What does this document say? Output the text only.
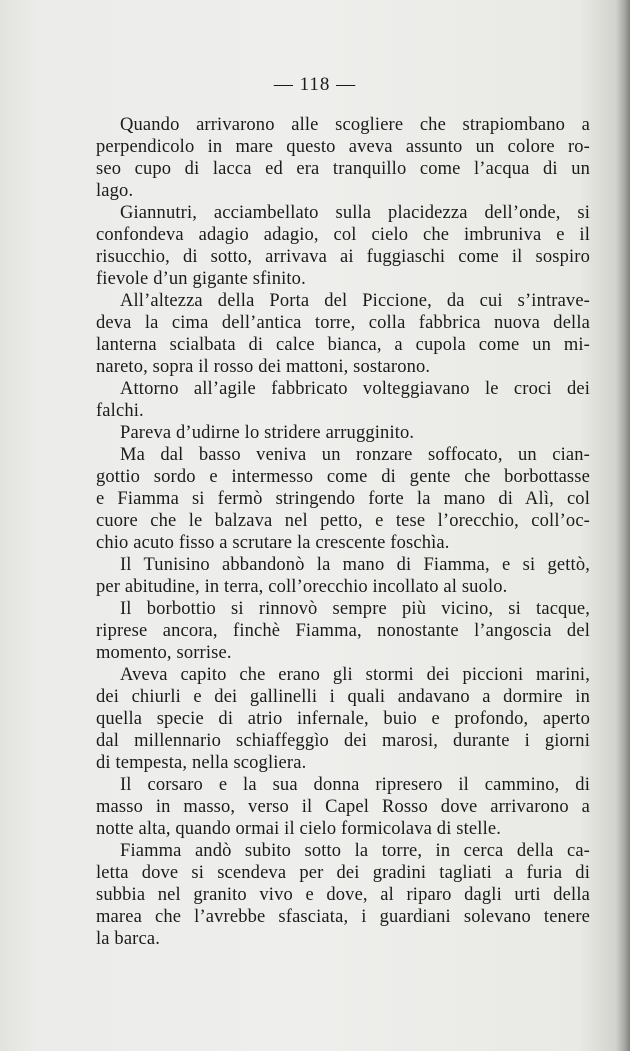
— 118 —
Quando arrivarono alle scogliere che strapiombano a
perpendicolo in mare questo aveva assunto un colore ro-
seo cupo di lacca ed era tranquillo come l’acqua di un
lago.
Giannutri, acciambellato sulla placidezza dell’onde, si
confondeva adagio adagio, col cielo che imbruniva e il
risucchio, di sotto, arrivava ai fuggiaschi come il sospiro
fievole d’un gigante sfinito.
All’altezza della Porta del Piccione, da cui s’intrave-
deva la cima dell’antica torre, colla fabbrica nuova della
lanterna scialbata di calce bianca, a cupola come un mi-
nareto, sopra il rosso dei mattoni, sostarono.
Attorno all’agile fabbricato volteggiavano le croci dei
falchi.
Pareva d’udirne lo stridere arrugginito.
Ma dal basso veniva un ronzare soffocato, un cian-
gottio sordo e intermesso come di gente che borbottasse
e Fiamma si fermò stringendo forte la mano di Alì, col
cuore che le balzava nel petto, e tese l’orecchio, coll’oc-
chio acuto fisso a scrutare la crescente foschìa.
Il Tunisino abbandonò la mano di Fiamma, e si gettò,
per abitudine, in terra, coll’orecchio incollato al suolo.
Il borbottio si rinnovò sempre più vicino, si tacque,
riprese ancora, finchè Fiamma, nonostante l’angoscia del
momento, sorrise.
Aveva capito che erano gli stormi dei piccioni marini,
dei chiurli e dei gallinelli i quali andavano a dormire in
quella specie di atrio infernale, buio e profondo, aperto
dal millennario schiaffeggìo dei marosi, durante i giorni
di tempesta, nella scogliera.
Il corsaro e la sua donna ripresero il cammino, di
masso in masso, verso il Capel Rosso dove arrivarono a
notte alta, quando ormai il cielo formicolava di stelle.
Fiamma andò subito sotto la torre, in cerca della ca-
letta dove si scendeva per dei gradini tagliati a furia di
subbia nel granito vivo e dove, al riparo dagli urti della
marea che l’avrebbe sfasciata, i guardiani solevano tenere
la barca.
